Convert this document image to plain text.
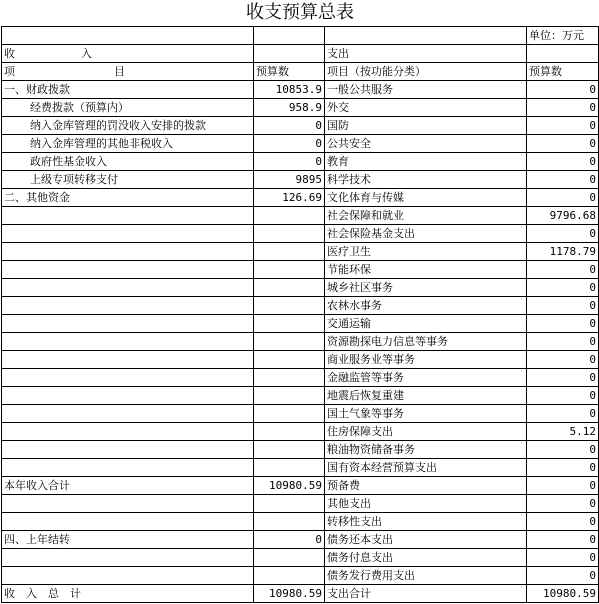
收支预算总表			
			单位：万元
收　　　　　　入		支出	
项　　　　　　　　　目	预算数	项目（按功能分类）	预算数
一、财政拨款	10853.9	一般公共服务	0
经费拨款（预算内）	958.9	外交	0
纳入金库管理的罚没收入安排的拨款	0	国防	0
纳入金库管理的其他非税收入	0	公共安全	0
政府性基金收入	0	教育	0
上级专项转移支付	9895	科学技术	0
二、其他资金	126.69	文化体育与传媒	0
		社会保障和就业	9796.68
		社会保险基金支出	0
		医疗卫生	1178.79
		节能环保	0
		城乡社区事务	0
		农林水事务	0
		交通运输	0
		资源勘探电力信息等事务	0
		商业服务业等事务	0
		金融监管等事务	0
		地震后恢复重建	0
		国土气象等事务	0
		住房保障支出	5.12
		粮油物资储备事务	0
		国有资本经营预算支出	0
本年收入合计	10980.59	预备费	0
		其他支出	0
		转移性支出	0
四、上年结转	0	债务还本支出	0
		债务付息支出	0
		债务发行费用支出	0
收　入　总　计	10980.59	支出合计	10980.59
